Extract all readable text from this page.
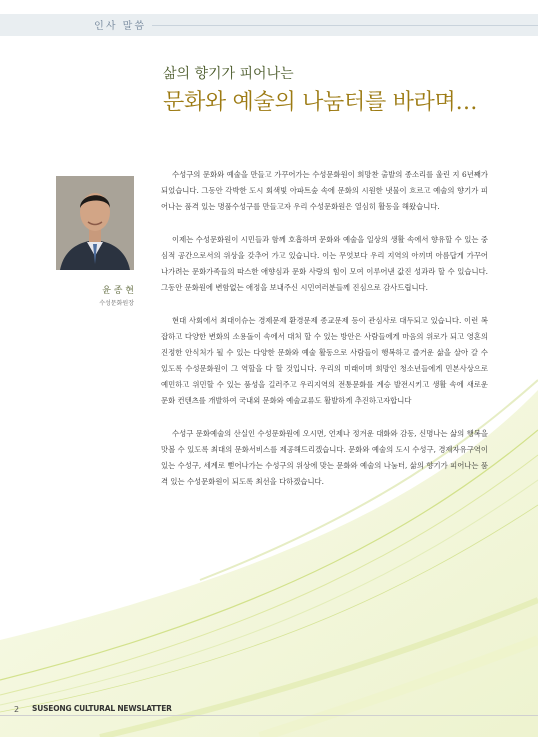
인사 말씀
삶의 향기가 피어나는
문화와 예술의 나눔터를 바라며…
윤 종 현
수성문화원장

수성구의 문화와 예술을 만들고 가꾸어가는 수성문화원이 희망찬 출발의 종소리를 울린 지 6년째가 되었습니다. 그동안 각박한 도시 회색빛 아파트숲 속에 문화의 시원한 냇물이 흐르고 예술의 향기가 피어나는 품격 있는 명품수성구를 만들고자 우리 수성문화원은 열심히 활동을 해왔습니다.

이제는 수성문화원이 시민들과 함께 호흡하며 문화와 예술을 일상의 생활 속에서 향유할 수 있는 중심적 공간으로서의 위상을 갖추어 가고 있습니다. 이는 무엇보다 우리 지역의 아끼며 아름답게 가꾸어 나가려는 문화가족들의 따스한 애향심과 문화 사랑의 힘이 모여 이루어낸 값진 성과라 할 수 있습니다. 그동안 문화원에 변함없는 애정을 보내주신 시민여러분들께 진심으로 감사드립니다.

현대 사회에서 최대이슈는 경제문제 환경문제 종교문제 등이 관심사로 대두되고 있습니다. 이런 복잡하고 다양한 변화의 소용돌이 속에서 대처 할 수 있는 방안은 사람들에게 마음의 위로가 되고 영혼의 진정한 안식처가 될 수 있는 다양한 문화와 예술 활동으로 사람들이 행복하고 즐거운 삶을 살아 갈 수 있도록 수성문화원이 그 역할을 다 할 것입니다. 우리의 미래이며 희망인 청소년들에게 민본사상으로 예민하고 위민할 수 있는 품성을 길러주고 우리지역의 전통문화를 계승 발전시키고 생활 속에 새로운 문화 컨텐츠를 개발하여 국내외 문화와 예술교류도 활발하게 추진하고자합니다

수성구 문화예술의 산실인 수성문화원에 오시면, 언제나 정겨운 대화와 감동, 신명나는 삶의 행복을 맛볼 수 있도록 최대의 문화서비스를 제공해드리겠습니다. 문화와 예술의 도시 수성구, 경제자유구역이 있는 수성구, 세계로 뻗어나가는 수성구의 위상에 맞는 문화와 예술의 나눔터, 삶의 향기가 피어나는 품격 있는 수성문화원이 되도록 최선을 다하겠습니다.

2 SUSEONG CULTURAL NEWSLATTER
